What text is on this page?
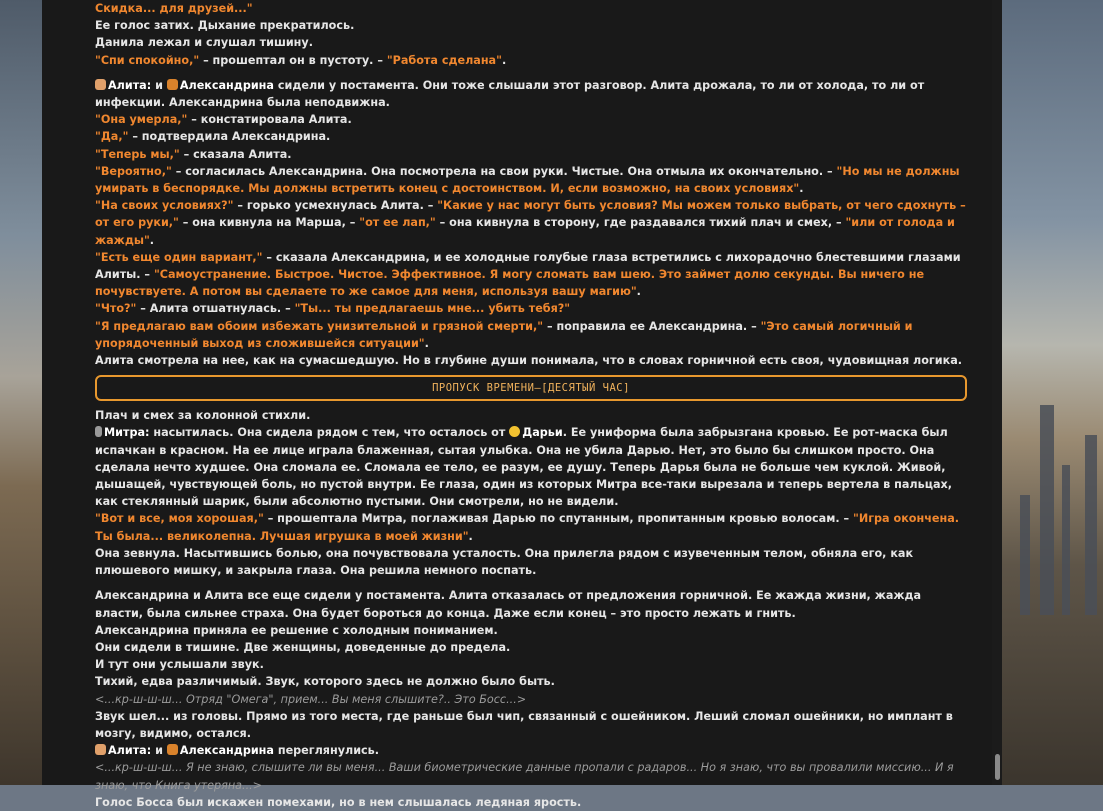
Скидка... для друзей..."

Ее голос затих. Дыхание прекратилось.

Данила лежал и слушал тишину.

"Спи спокойно," – прошептал он в пустоту. – "Работа сделана".

Алита: и Александрина сидели у постамента. Они тоже слышали этот разговор. Алита дрожала, то ли от холода, то ли от инфекции. Александрина была неподвижна.

"Она умерла," – констатировала Алита.

"Да," – подтвердила Александрина.

"Теперь мы," – сказала Алита.

"Вероятно," – согласилась Александрина. Она посмотрела на свои руки. Чистые. Она отмыла их окончательно. – "Но мы не должны умирать в беспорядке. Мы должны встретить конец с достоинством. И, если возможно, на своих условиях".

"На своих условиях?" – горько усмехнулась Алита. – "Какие у нас могут быть условия? Мы можем только выбрать, от чего сдохнуть – от его руки," – она кивнула на Марша, – "от ее лап," – она кивнула в сторону, где раздавался тихий плач и смех, – "или от голода и жажды".

"Есть еще один вариант," – сказала Александрина, и ее холодные голубые глаза встретились с лихорадочно блестевшими глазами Алиты. – "Самоустранение. Быстрое. Чистое. Эффективное. Я могу сломать вам шею. Это займет долю секунды. Вы ничего не почувствуете. А потом вы сделаете то же самое для меня, используя вашу магию".

"Что?" – Алита отшатнулась. – "Ты... ты предлагаешь мне... убить тебя?"

"Я предлагаю вам обоим избежать унизительной и грязной смерти," – поправила ее Александрина. – "Это самый логичный и упорядоченный выход из сложившейся ситуации".

Алита смотрела на нее, как на сумасшедшую. Но в глубине души понимала, что в словах горничной есть своя, чудовищная логика.

ПРОПУСК ВРЕМЕНИ–[ДЕСЯТЫЙ ЧАС]

Плач и смех за колонной стихли.

Митра: насытилась. Она сидела рядом с тем, что осталось от Дарьи. Ее униформа была забрызгана кровью. Ее рот-маска был испачкан в красном. На ее лице играла блаженная, сытая улыбка. Она не убила Дарью. Нет, это было бы слишком просто. Она сделала нечто худшее. Она сломала ее. Сломала ее тело, ее разум, ее душу. Теперь Дарья была не больше чем куклой. Живой, дышащей, чувствующей боль, но пустой внутри. Ее глаза, один из которых Митра все-таки вырезала и теперь вертела в пальцах, как стеклянный шарик, были абсолютно пустыми. Они смотрели, но не видели.

"Вот и все, моя хорошая," – прошептала Митра, поглаживая Дарью по спутанным, пропитанным кровью волосам. – "Игра окончена. Ты была... великолепна. Лучшая игрушка в моей жизни".

Она зевнула. Насытившись болью, она почувствовала усталость. Она прилегла рядом с изувеченным телом, обняла его, как плюшевого мишку, и закрыла глаза. Она решила немного поспать.

Александрина и Алита все еще сидели у постамента. Алита отказалась от предложения горничной. Ее жажда жизни, жажда власти, была сильнее страха. Она будет бороться до конца. Даже если конец – это просто лежать и гнить.

Александрина приняла ее решение с холодным пониманием.

Они сидели в тишине. Две женщины, доведенные до предела.

И тут они услышали звук.

Тихий, едва различимый. Звук, которого здесь не должно было быть.

<...кр-ш-ш-ш... Отряд "Омега", прием... Вы меня слышите?.. Это Босс...>

Звук шел... из головы. Прямо из того места, где раньше был чип, связанный с ошейником. Леший сломал ошейники, но имплант в мозгу, видимо, остался.

Алита: и Александрина переглянулись.

<...кр-ш-ш-ш... Я не знаю, слышите ли вы меня... Ваши биометрические данные пропали с радаров... Но я знаю, что вы провалили миссию... И я знаю, что Книга утеряна...>

Голос Босса был искажен помехами, но в нем слышалась ледяная ярость.
